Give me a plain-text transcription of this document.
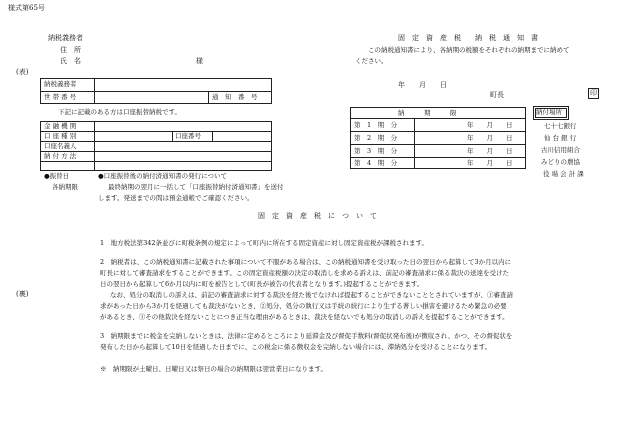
様式第65号
(表)
納税義務者
住　所
氏　名	様
固　定　資　産　税　　納　税　通　知　書
この納税通知書により、各納期の税額をそれぞれの納期までに納めて
ください。
年　　月　　日
町長	印
納税義務者
世 帯 番 号	通　知　番　号
下記に記載のある方は口座振替納税です。
金 融 機 関
口 座 種 別	口座番号
口座名義人
納 付 方 法
●振替日
各納期限
●口座振替後の納付済通知書の発行について
最終納期の翌月に一括して「口座振替納付済通知書」を送付
します。発送までの間は預金通帳でご確認ください。
納　　　期　　　限
第　1　期　分	年　　月　　日
第　2　期　分	年　　月　　日
第　3　期　分	年　　月　　日
第　4　期　分	年　　月　　日
納付場所
七十七銀行
仙 台 銀 行
古川信用組合
みどりの農協
役 場 会 計 課
固　定　資　産　税　に　つ　い　て
1　地方税法第342条並びに町税条例の規定によって町内に所在する固定資産に対し固定資産税が課税されます。
2　納税者は、この納税通知書に記載された事項について不服がある場合は、この納税通知書を受け取った日の翌日から起算して3か月以内に
町長に対して審査請求をすることができます。この固定資産税額の決定の取消しを求める訴えは、前記の審査請求に係る裁決の送達を受けた
日の翌日から起算して6か月以内に町を被告として(町長が被告の代表者となります。)提起することができます。
(裏)	なお、処分の取消しの訴えは、前記の審査請求に対する裁決を経た後でなければ提起することができないこととされていますが、①審査請
求があった日から3か月を経過しても裁決がないとき、②処分、処分の執行又は手続の続行により生ずる著しい損害を避けるため緊急の必要
があるとき、③その他裁決を経ないことにつき正当な理由があるときは、裁決を経ないでも処分の取消しの訴えを提起することができます。
3　納期限までに税金を完納しないときは、法律に定めるところにより延滞金及び督促手数料(督促状発布後)が徴収され、かつ、その督促状を
発布した日から起算して10日を経過した日までに、この税金に係る徴収金を完納しない場合には、滞納処分を受けることになります。
※　納期限が土曜日、日曜日又は祭日の場合の納期限は翌営業日になります。
